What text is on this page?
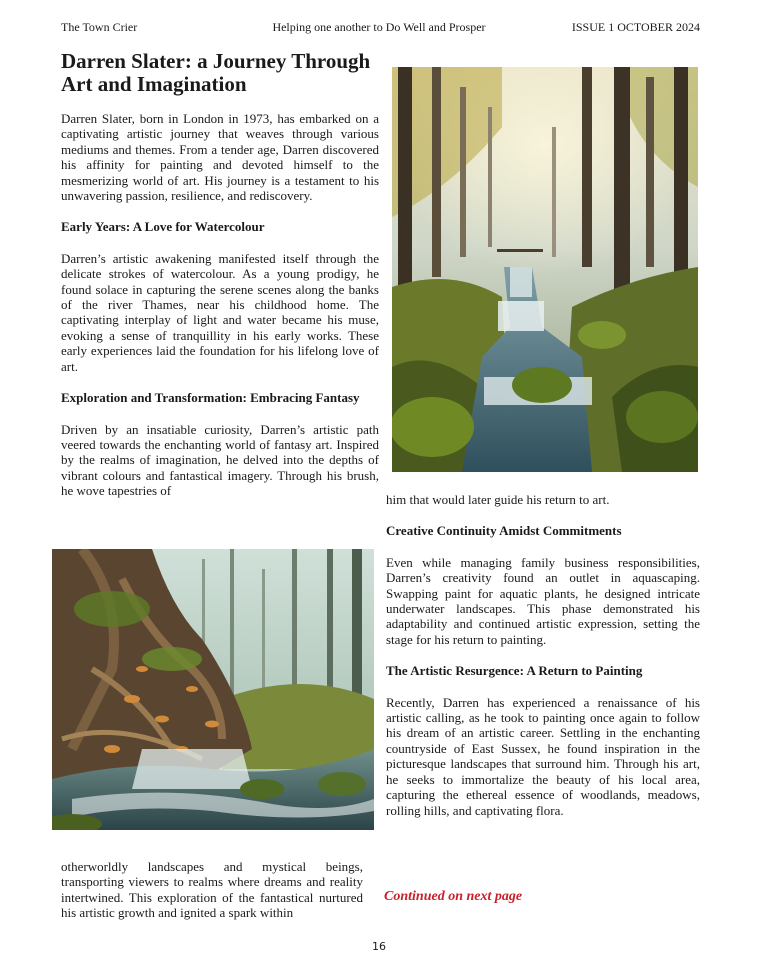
The Town Crier	Helping one another to Do Well and Prosper	ISSUE 1 OCTOBER 2024
Darren Slater: a Journey Through Art and Imagination

Darren Slater, born in London in 1973, has embarked on a captivating artistic journey that weaves through various mediums and themes. From a tender age, Darren discovered his affinity for painting and devoted himself to the mesmerizing world of art. His journey is a testament to his unwavering passion, resilience, and rediscovery.

Early Years: A Love for Watercolour

Darren’s artistic awakening manifested itself through the delicate strokes of watercolour. As a young prodigy, he found solace in capturing the serene scenes along the banks of the river Thames, near his childhood home. The captivating interplay of light and water became his muse, evoking a sense of tranquillity in his early works. These early experiences laid the foundation for his lifelong love of art.

Exploration and Transformation: Embracing Fantasy

Driven by an insatiable curiosity, Darren’s artistic path veered towards the enchanting world of fantasy art. Inspired by the realms of imagination, he delved into the depths of vibrant colours and fantastical imagery. Through his brush, he wove tapestries of

otherworldly landscapes and mystical beings, transporting viewers to realms where dreams and reality intertwined. This exploration of the fantastical nurtured his artistic growth and ignited a spark within

him that would later guide his return to art.

Creative Continuity Amidst Commitments

Even while managing family business responsibilities, Darren’s creativity found an outlet in aquascaping. Swapping paint for aquatic plants, he designed intricate underwater landscapes. This phase demonstrated his adaptability and continued artistic expression, setting the stage for his return to painting.

The Artistic Resurgence: A Return to Painting

Recently, Darren has experienced a renaissance of his artistic calling, as he took to painting once again to follow his dream of an artistic career. Settling in the enchanting countryside of East Sussex, he found inspiration in the picturesque landscapes that surround him. Through his art, he seeks to immortalize the beauty of his local area, capturing the ethereal essence of woodlands, meadows, rolling hills, and captivating flora.

Continued on next page
16
